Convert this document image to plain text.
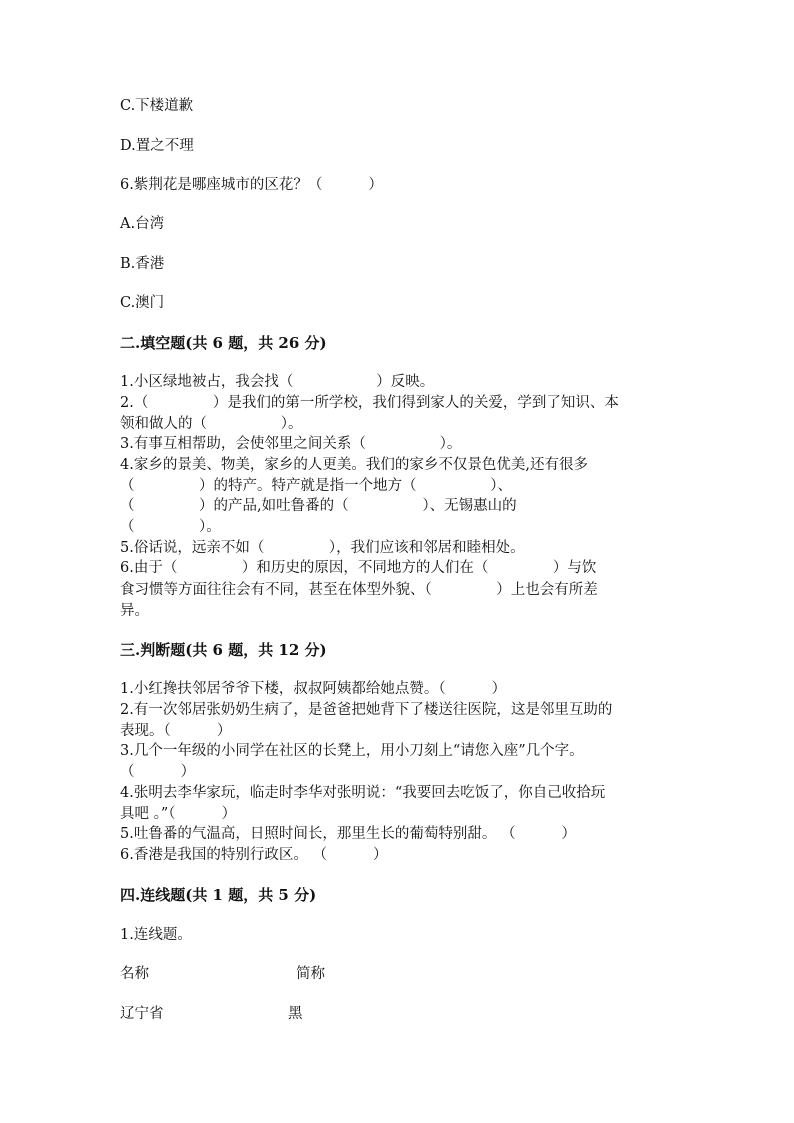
C.下楼道歉

D.置之不理

6.紫荆花是哪座城市的区花？（          ）

A.台湾

B.香港

C.澳门

二.填空题(共 6 题，共 26 分)

1.小区绿地被占，我会找（                  ）反映。

2.（              ）是我们的第一所学校，我们得到家人的关爱，学到了知识、本

领和做人的（                ）。

3.有事互相帮助，会使邻里之间关系（                ）。

4.家乡的景美、物美，家乡的人更美。我们的家乡不仅景色优美,还有很多

（              ）的特产。特产就是指一个地方（                ）、

（              ）的产品,如吐鲁番的（                ）、无锡惠山的

（              ）。

5.俗话说，远亲不如（              ），我们应该和邻居和睦相处。

6.由于（              ）和历史的原因，不同地方的人们在（              ）与饮

食习惯等方面往往会有不同，甚至在体型外貌、（              ）上也会有所差

异。

三.判断题(共 6 题，共 12 分)

1.小红搀扶邻居爷爷下楼，叔叔阿姨都给她点赞。（          ）

2.有一次邻居张奶奶生病了，是爸爸把她背下了楼送往医院，这是邻里互助的

表现。（          ）

3.几个一年级的小同学在社区的长凳上，用小刀刻上“请您入座”几个字。

（          ）

4.张明去李华家玩，临走时李华对张明说：“我要回去吃饭了，你自己收拾玩

具吧 。”（          ）

5.吐鲁番的气温高，日照时间长，那里生长的葡萄特别甜。 （          ）

6.香港是我国的特别行政区。 （          ）

四.连线题(共 1 题，共 5 分)

1.连线题。

名称	简称

辽宁省	黑
